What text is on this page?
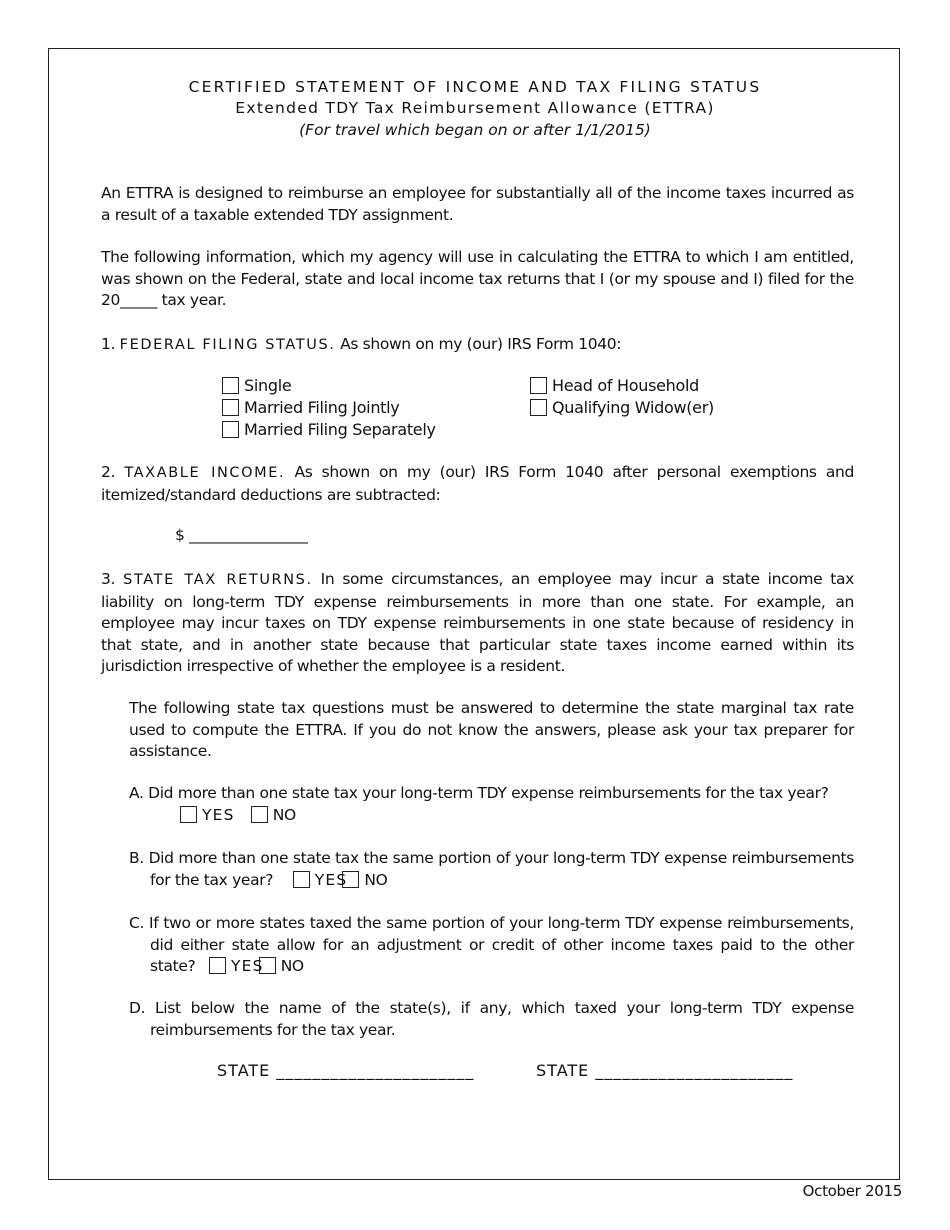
CERTIFIED STATEMENT OF INCOME AND TAX FILING STATUS
Extended TDY Tax Reimbursement Allowance (ETTRA)
(For travel which began on or after 1/1/2015)

An ETTRA is designed to reimburse an employee for substantially all of the income taxes incurred as a result of a taxable extended TDY assignment.

The following information, which my agency will use in calculating the ETTRA to which I am entitled, was shown on the Federal, state and local income tax returns that I (or my spouse and I) filed for the 20_____ tax year.

1. FEDERAL FILING STATUS. As shown on my (our) IRS Form 1040:

Single
Married Filing Jointly
Married Filing Separately
Head of Household
Qualifying Widow(er)

2. TAXABLE INCOME. As shown on my (our) IRS Form 1040 after personal exemptions and itemized/standard deductions are subtracted:

$ ________________

3. STATE TAX RETURNS. In some circumstances, an employee may incur a state income tax liability on long-term TDY expense reimbursements in more than one state. For example, an employee may incur taxes on TDY expense reimbursements in one state because of residency in that state, and in another state because that particular state taxes income earned within its jurisdiction irrespective of whether the employee is a resident.

The following state tax questions must be answered to determine the state marginal tax rate used to compute the ETTRA. If you do not know the answers, please ask your tax preparer for assistance.

A. Did more than one state tax your long-term TDY expense reimbursements for the tax year?
YES NO

B. Did more than one state tax the same portion of your long-term TDY expense reimbursements for the tax year?	YES NO

C. If two or more states taxed the same portion of your long-term TDY expense reimbursements, did either state allow for an adjustment or credit of other income taxes paid to the other state? YES NO

D. List below the name of the state(s), if any, which taxed your long-term TDY expense reimbursements for the tax year.

STATE ______________________	STATE ______________________
October 2015
